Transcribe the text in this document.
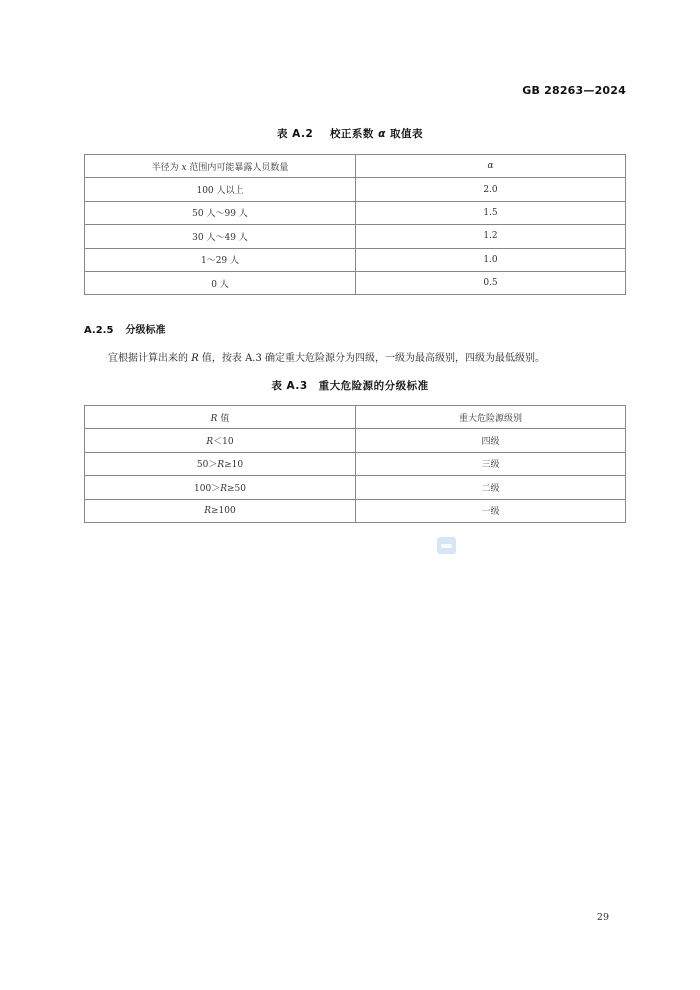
GB 28263—2024
表 A.2 校正系数 α 取值表
半径为 x 范围内可能暴露人员数量	α
100 人以上	2.0
50 人～99 人	1.5
30 人～49 人	1.2
1～29 人	1.0
0 人	0.5
A.2.5 分级标准
宜根据计算出来的 R 值，按表 A.3 确定重大危险源分为四级，一级为最高级别，四级为最低级别。
表 A.3　重大危险源的分级标准
R 值	重大危险源级别
R＜10	四级
50＞R≥10	三级
100＞R≥50	二级
R≥100	一级
29
